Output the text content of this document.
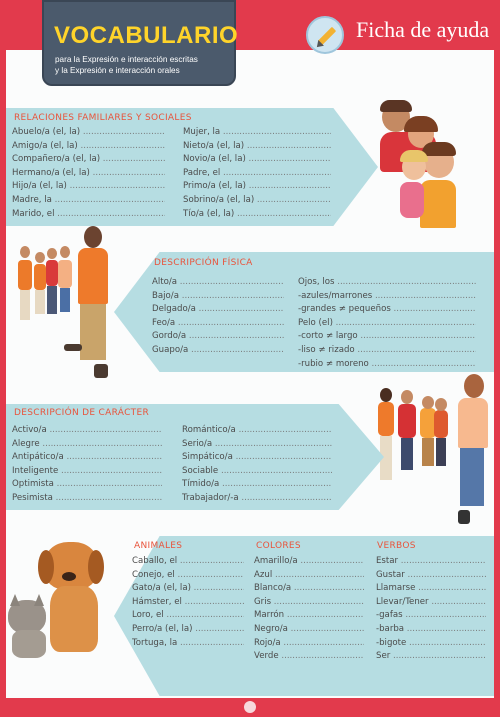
VOCABULARIO
para la Expresión e interacción escritas
y la Expresión e interacción orales
Ficha de ayuda
RELACIONES FAMILIARES Y SOCIALES
Abuelo/a (el, la) .....
Amigo/a (el, la) .....
Compañero/a (el, la) .....
Hermano/a (el, la) .....
Hijo/a (el, la) .....
Madre, la .....
Marido, el .....
Mujer, la .....
Nieto/a (el, la) .....
Novio/a (el, la) .....
Padre, el .....
Primo/a (el, la) .....
Sobrino/a (el, la) .....
Tío/a (el, la) .....
DESCRIPCIÓN FÍSICA
Alto/a .....
Bajo/a .....
Delgado/a .....
Feo/a .....
Gordo/a .....
Guapo/a .....
Ojos, los .....
-azules/marrones .....
-grandes ≠ pequeños .....
Pelo (el) .....
-corto ≠ largo .....
-liso ≠ rizado .....
-rubio ≠ moreno .....
DESCRIPCIÓN DE CARÁCTER
Activo/a .....
Alegre .....
Antipático/a .....
Inteligente .....
Optimista .....
Pesimista .....
Romántico/a .....
Serio/a .....
Simpático/a .....
Sociable .....
Tímido/a .....
Trabajador/-a .....
ANIMALES
Caballo, el .....
Conejo, el .....
Gato/a (el, la) .....
Hámster, el .....
Loro, el .....
Perro/a (el, la) .....
Tortuga, la .....
COLORES
Amarillo/a .....
Azul .....
Blanco/a .....
Gris .....
Marrón .....
Negro/a .....
Rojo/a .....
Verde .....
VERBOS
Estar .....
Gustar .....
Llamarse .....
Llevar/Tener .....
-gafas .....
-barba .....
-bigote .....
Ser .....
